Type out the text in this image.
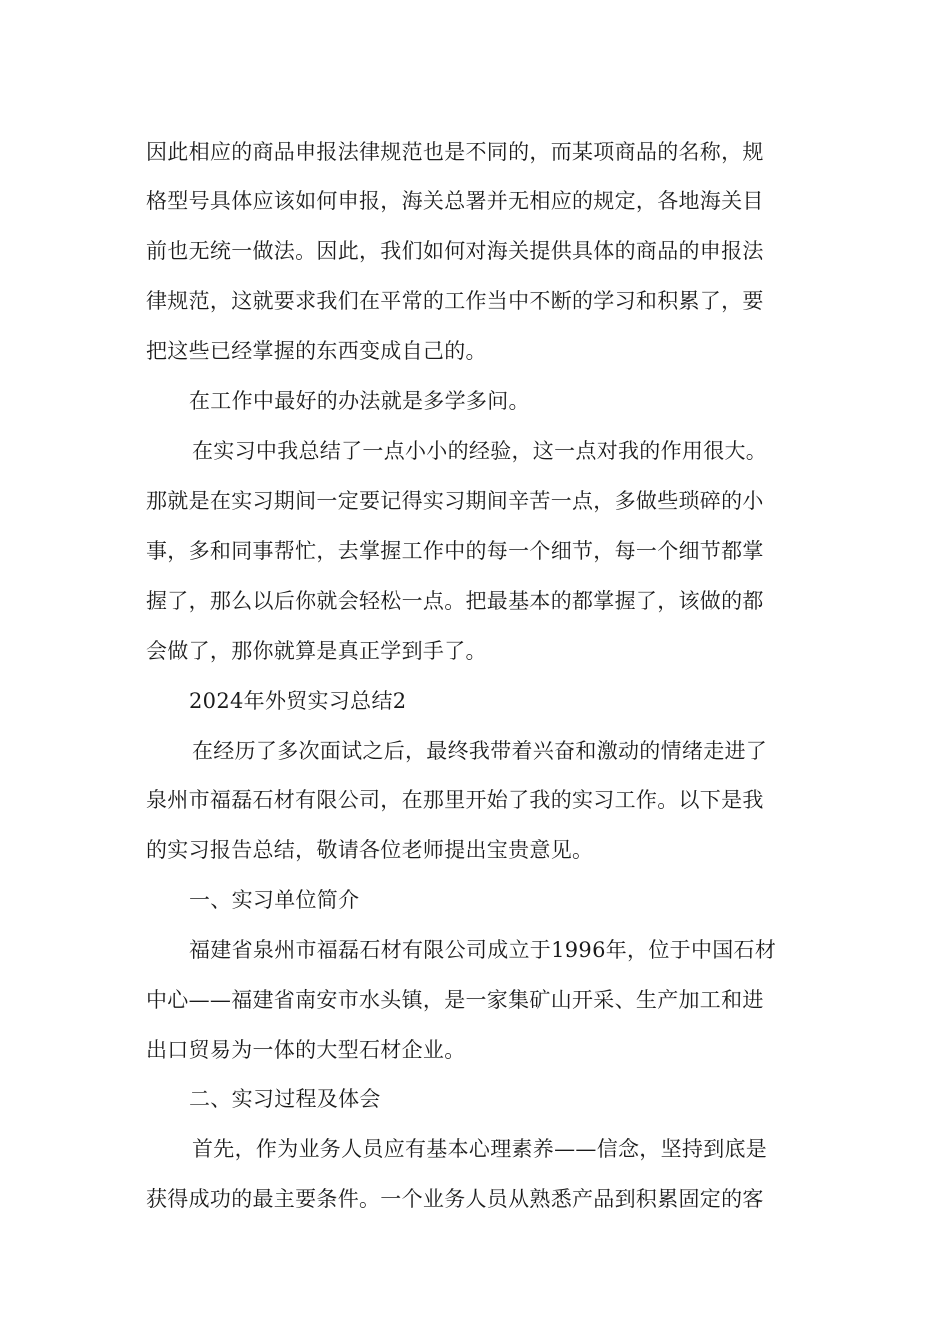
因此相应的商品申报法律规范也是不同的，而某项商品的名称，规
格型号具体应该如何申报，海关总署并无相应的规定，各地海关目
前也无统一做法。因此，我们如何对海关提供具体的商品的申报法
律规范，这就要求我们在平常的工作当中不断的学习和积累了，要
把这些已经掌握的东西变成自己的。
在工作中最好的办法就是多学多问。
在实习中我总结了一点小小的经验，这一点对我的作用很大。
那就是在实习期间一定要记得实习期间辛苦一点，多做些琐碎的小
事，多和同事帮忙，去掌握工作中的每一个细节，每一个细节都掌
握了，那么以后你就会轻松一点。把最基本的都掌握了，该做的都
会做了，那你就算是真正学到手了。
2024年外贸实习总结2
在经历了多次面试之后，最终我带着兴奋和激动的情绪走进了
泉州市福磊石材有限公司，在那里开始了我的实习工作。以下是我
的实习报告总结，敬请各位老师提出宝贵意见。
一、实习单位简介
福建省泉州市福磊石材有限公司成立于1996年，位于中国石材
中心——福建省南安市水头镇，是一家集矿山开采、生产加工和进
出口贸易为一体的大型石材企业。
二、实习过程及体会
首先，作为业务人员应有基本心理素养——信念，坚持到底是
获得成功的最主要条件。一个业务人员从熟悉产品到积累固定的客
